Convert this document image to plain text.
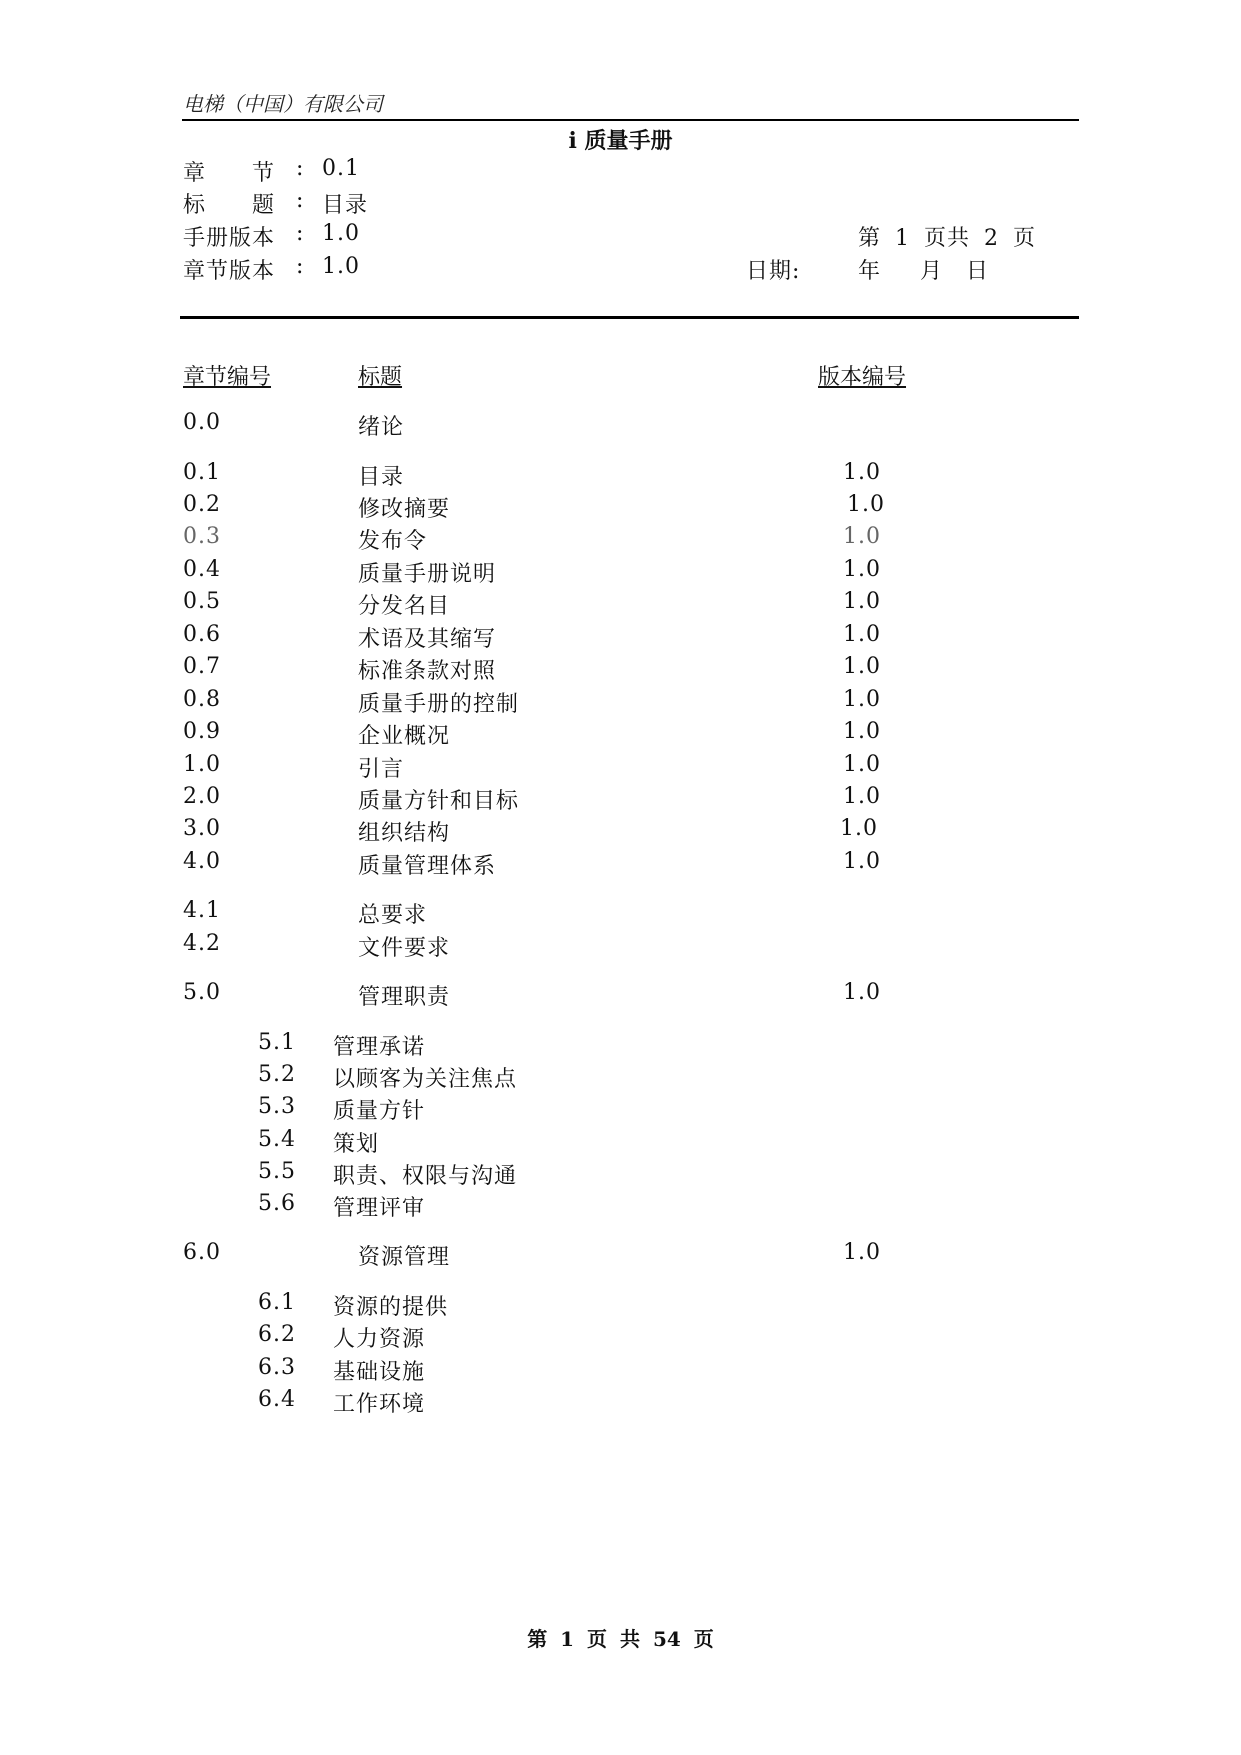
电梯（中国）有限公司
i 质量手册
章　　节 : 0.1
标　　题 : 目录
手册版本 : 1.0	第 1 页共 2 页
章节版本 : 1.0	日期:	年　 月　日
章节编号	标题	版本编号
0.0	绪论
0.1	目录	1.0
0.2	修改摘要	1.0
0.3	发布令	1.0
0.4	质量手册说明	1.0
0.5	分发名目	1.0
0.6	术语及其缩写	1.0
0.7	标准条款对照	1.0
0.8	质量手册的控制	1.0
0.9	企业概况	1.0
1.0	引言	1.0
2.0	质量方针和目标	1.0
3.0	组织结构	1.0
4.0	质量管理体系	1.0
4.1	总要求
4.2	文件要求
5.0	管理职责	1.0
5.1 管理承诺
5.2 以顾客为关注焦点
5.3 质量方针
5.4 策划
5.5 职责、权限与沟通
5.6 管理评审
6.0	资源管理	1.0
6.1 资源的提供
6.2 人力资源
6.3 基础设施
6.4 工作环境
第 1 页 共 54 页
